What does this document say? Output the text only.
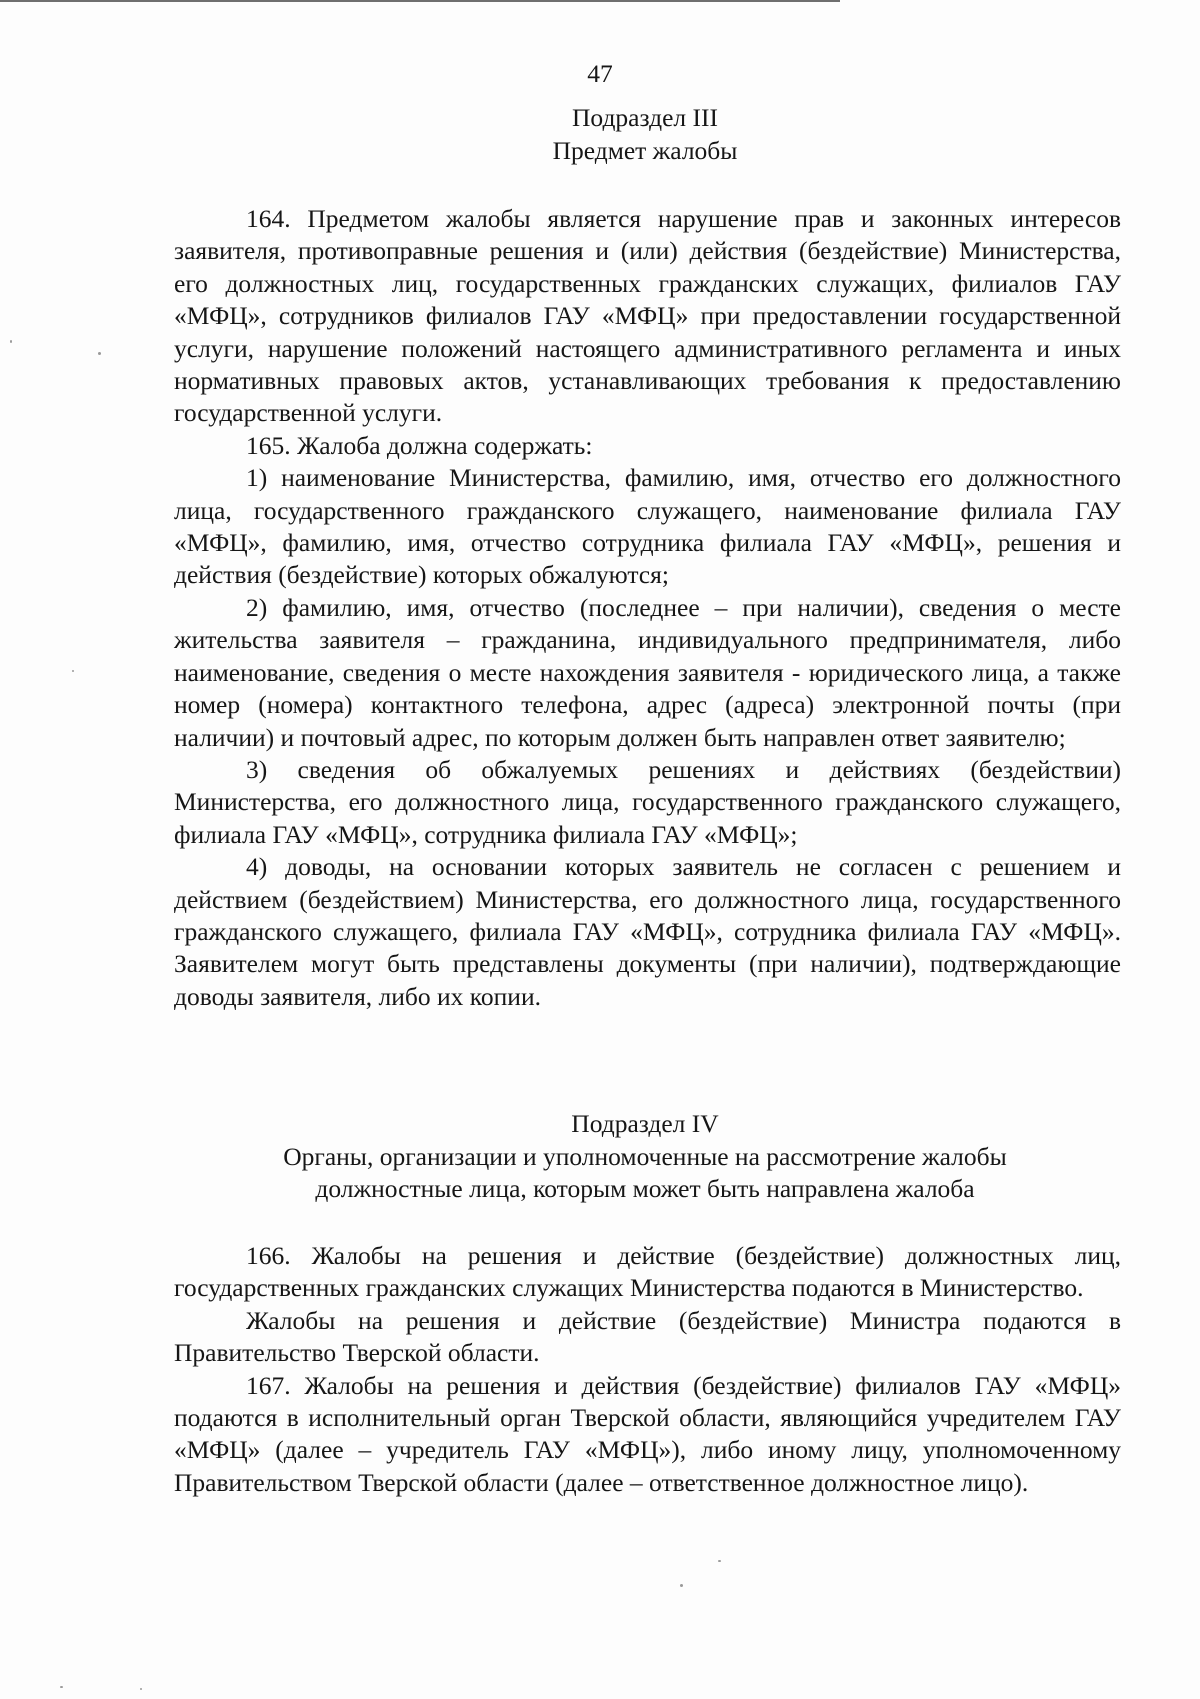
47
Подраздел III
Предмет жалобы

164. Предметом жалобы является нарушение прав и законных интересов заявителя, противоправные решения и (или) действия (бездействие) Министерства, его должностных лиц, государственных гражданских служащих, филиалов ГАУ «МФЦ», сотрудников филиалов ГАУ «МФЦ» при предоставлении государственной услуги, нарушение положений настоящего административного регламента и иных нормативных правовых актов, устанавливающих требования к предоставлению государственной услуги.

165. Жалоба должна содержать:

1) наименование Министерства, фамилию, имя, отчество его должностного лица, государственного гражданского служащего, наименование филиала ГАУ «МФЦ», фамилию, имя, отчество сотрудника филиала ГАУ «МФЦ», решения и действия (бездействие) которых обжалуются;

2) фамилию, имя, отчество (последнее – при наличии), сведения о месте жительства заявителя – гражданина, индивидуального предпринимателя, либо наименование, сведения о месте нахождения заявителя - юридического лица, а также номер (номера) контактного телефона, адрес (адреса) электронной почты (при наличии) и почтовый адрес, по которым должен быть направлен ответ заявителю;

3) сведения об обжалуемых решениях и действиях (бездействии) Министерства, его должностного лица, государственного гражданского служащего, филиала ГАУ «МФЦ», сотрудника филиала ГАУ «МФЦ»;

4) доводы, на основании которых заявитель не согласен с решением и действием (бездействием) Министерства, его должностного лица, государственного гражданского служащего, филиала ГАУ «МФЦ», сотрудника филиала ГАУ «МФЦ». Заявителем могут быть представлены документы (при наличии), подтверждающие доводы заявителя, либо их копии.

Подраздел IV
Органы, организации и уполномоченные на рассмотрение жалобы
должностные лица, которым может быть направлена жалоба

166. Жалобы на решения и действие (бездействие) должностных лиц, государственных гражданских служащих Министерства подаются в Министерство.

Жалобы на решения и действие (бездействие) Министра подаются в Правительство Тверской области.

167. Жалобы на решения и действия (бездействие) филиалов ГАУ «МФЦ» подаются в исполнительный орган Тверской области, являющийся учредителем ГАУ «МФЦ» (далее – учредитель ГАУ «МФЦ»), либо иному лицу, уполномоченному Правительством Тверской области (далее – ответственное должностное лицо).
